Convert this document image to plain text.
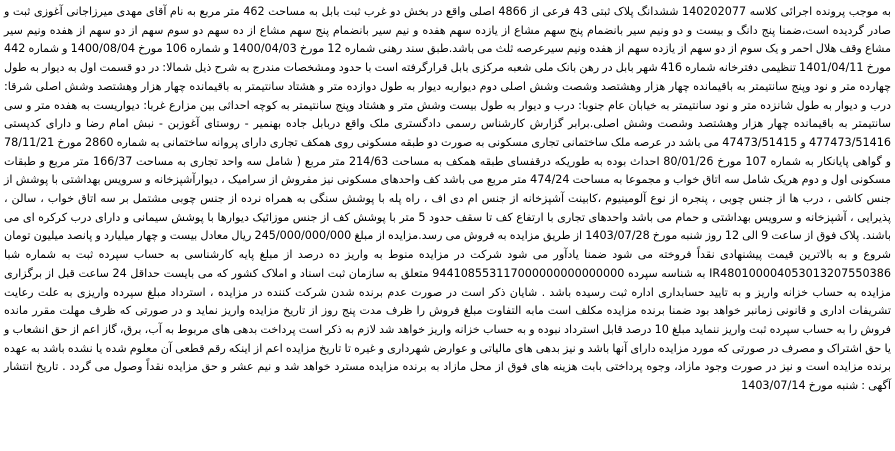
به موجب پرونده اجرائی کلاسه 140202077 ششدانگ پلاک ثبتی 43 فرعی از 4866 اصلی واقع در بخش دو غرب ثبت بابل به مساحت 462 متر مربع به نام آقای مهدی میرزاجانی آغوزی ثبت و صادر گردیده است،ضمنا پنج دانگ و بیست و دو ونیم سیر بانضمام پنج سهم مشاع از یازده سهم هفده و نیم سیر بانضمام پنج سهم مشاع از ده سهم دو سوم سهم از دو سهم از هفده ونیم سیر مشاع وقف هلال احمر و یک سوم از دو سهم از یازده سهم از هفده ونیم سیرعرصه ثلث می باشد.طبق سند رهنی شماره 12 مورخ 1400/04/03 و شماره 106 مورخ 1400/08/04 و شماره 442 مورخ 1401/04/11 تنظیمی دفترخانه شماره 416 شهر بابل در رهن بانک ملی شعبه مرکزی بابل قرارگرفته است با حدود ومشخصات مندرج به شرح ذیل شمالا: در دو قسمت اول به دیوار به طول چهارده متر و نود وپنج سانتیمتر به باقیمانده چهار هزار وهشتصد وشصت وشش اصلی دوم دیواربه دیوار به طول دوازده متر و هشتاد سانتیمتر به باقیمانده چهار هزار وهشتصد وشش اصلی شرقا: درب و دیوار به طول شانزده متر و نود سانتیمتر به خیابان عام جنوبا: درب و دیوار به طول بیست وشش متر و هشتاد وپنج سانتیمتر به کوچه احداثی بین مزارع غربا: دیواریست به هفده متر و سی سانتیمتر به باقیمانده چهار هزار وهشتصد وشصت وشش اصلی.برابر گزارش کارشناس رسمی دادگستری ملک واقع دربابل جاده بهنمیر - روستای آغوزبن - نبش امام رضا و دارای کدپستی 477473/51416 و 47473/51415 می باشد در عرصه ملک ساختمانی تجاری مسکونی به صورت دو طبقه مسکونی روی همکف تجاری دارای پروانه ساختمانی به شماره 2860 مورخ 78/11/21 و گواهی پایانکار به شماره 107 مورخ 80/01/26 احداث بوده به طوریکه درقفسای طبقه همکف به مساحت 214/63 متر مربع ( شامل سه واحد تجاری به مساحت 166/37 متر مربع و طبقات مسکونی اول و دوم هریک شامل سه اتاق خواب و مجموعا به مساحت 474/24 متر مربع می باشد کف واحدهای مسکونی نیز مفروش از سرامیک ، دیوارآشپزخانه و سرویس بهداشتی با پوشش از جنس کاشی ، درب ها از جنس چوبی ، پنجره از نوع آلومینیوم ،کابینت آشپزخانه از جنس ام دی اف ، راه پله با پوشش سنگی به همراه نرده از جنس چوبی مشتمل بر سه اتاق خواب ، سالن ، پذیرایی ، آشپزخانه و سرویس بهداشتی و حمام می باشد واحدهای تجاری با ارتفاع کف تا سقف حدود 5 متر با پوشش کف از جنس موزائیک دیوارها با پوشش سیمانی و دارای درب کرکره ای می باشند. پلاک فوق از ساعت 9 الی 12 روز شنبه مورخ 1403/07/28 از طریق مزایده به فروش می رسد.مزایده از مبلغ 245/000/000/000 ریال معادل بیست و چهار میلیارد و پانصد میلیون تومان شروع و به بالاترین قیمت پیشنهادی نقداً فروخته می شود ضمنا یادآور می شود شرکت در مزایده منوط به واریز ده درصد از مبلغ پایه کارشناسی به حساب سپرده ثبت به شماره شبا IR480100004053013207550386 به شناسه سپرده 944108553117000000000000000 متعلق به سازمان ثبت اسناد و املاک کشور که می بایست حداقل 24 ساعت قبل از برگزاری مزایده به حساب خزانه واریز و به تایید حسابداری اداره ثبت رسیده باشد . شایان ذکر است در صورت عدم برنده شدن شرکت کننده در مزایده ، استرداد مبلغ سپرده واریزی به علت رعایت تشریفات اداری و قانونی زمانبر خواهد بود ضمنا برنده مزایده مکلف است مابه التفاوت مبلغ فروش را ظرف مدت پنج روز از تاریخ مزایده واریز نماید و در صورتی که ظرف مهلت مقرر مانده فروش را به حساب سپرده ثبت واریز ننماید مبلغ 10 درصد قابل استرداد نبوده و به حساب خزانه واریز خواهد شد لازم به ذکر است پرداخت بدهی های مربوط به آب، برق، گاز اعم از حق انشعاب و یا حق اشتراک و مصرف در صورتی که مورد مزایده دارای آنها باشد و نیز بدهی های مالیاتی و عوارض شهرداری و غیره تا تاریخ مزایده اعم از اینکه رقم قطعی آن معلوم شده یا نشده باشد به عهده برنده مزایده است و نیز در صورت وجود مازاد، وجوه پرداختی بابت هزینه های فوق از محل مازاد به برنده مزایده مسترد خواهد شد و نیم عشر و حق مزایده نقداً وصول می گردد . تاریخ انتشار آگهی : شنبه مورخ 1403/07/14
